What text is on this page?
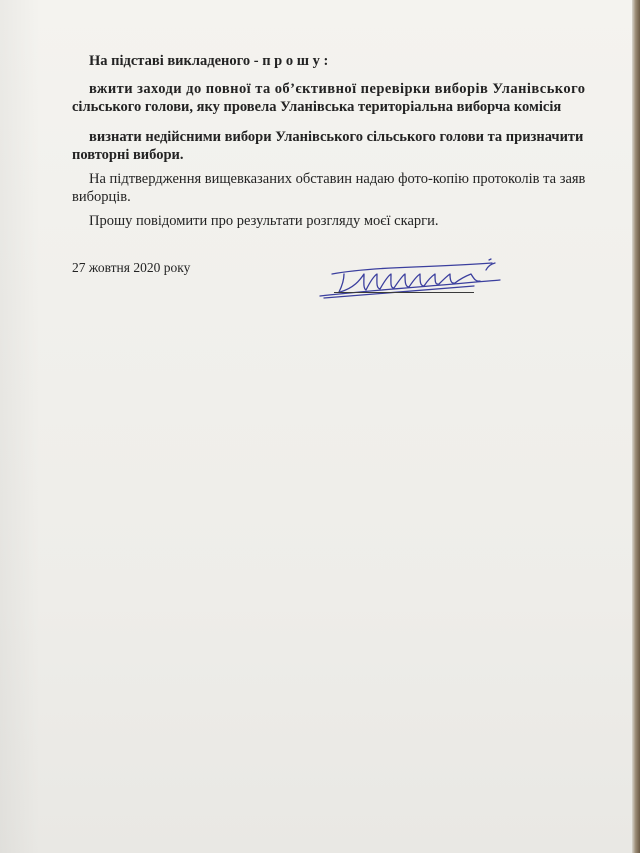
На підставі викладеного - п р о ш у :
вжити заходи до повної та об’єктивної перевірки виборів Уланівського
сільського голови, яку провела Уланівська територіальна виборча комісія
визнати недійсними вибори Уланівського сільського голови та призначити
повторні вибори.
На підтвердження вищевказаних обставин надаю фото-копію протоколів та заяв
виборців.
Прошу повідомити про результати розгляду моєї скарги.
27 жовтня 2020 року
